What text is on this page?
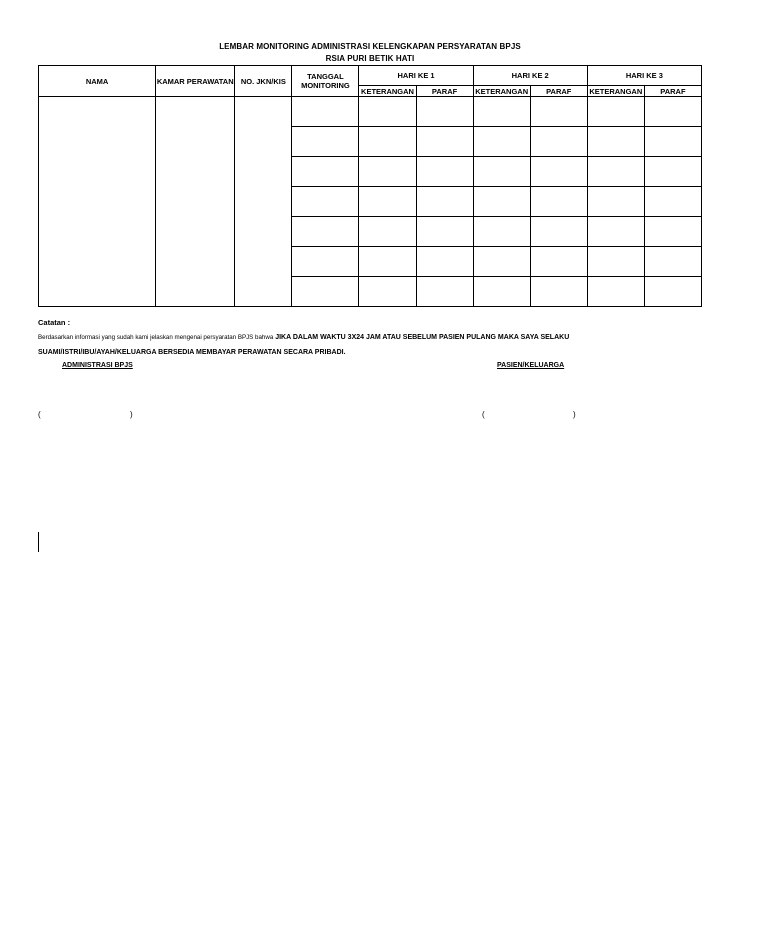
LEMBAR MONITORING ADMINISTRASI KELENGKAPAN PERSYARATAN BPJS
RSIA PURI BETIK HATI
NAMA	KAMAR PERAWATAN	NO. JKN/KIS	TANGGAL MONITORING	HARI KE 1		HARI KE 2		HARI KE 3	
				KETERANGAN	PARAF	KETERANGAN	PARAF	KETERANGAN	PARAF

Catatan :
Berdasarkan informasi yang sudah kami jelaskan mengenai persyaratan BPJS bahwa JIKA DALAM WAKTU 3X24 JAM ATAU SEBELUM PASIEN PULANG MAKA SAYA SELAKU
SUAMI/ISTRI/IBU/AYAH/KELUARGA BERSEDIA MEMBAYAR PERAWATAN SECARA PRIBADI.
ADMINISTRASI BPJS	PASIEN/KELUARGA
(	)	(	)
